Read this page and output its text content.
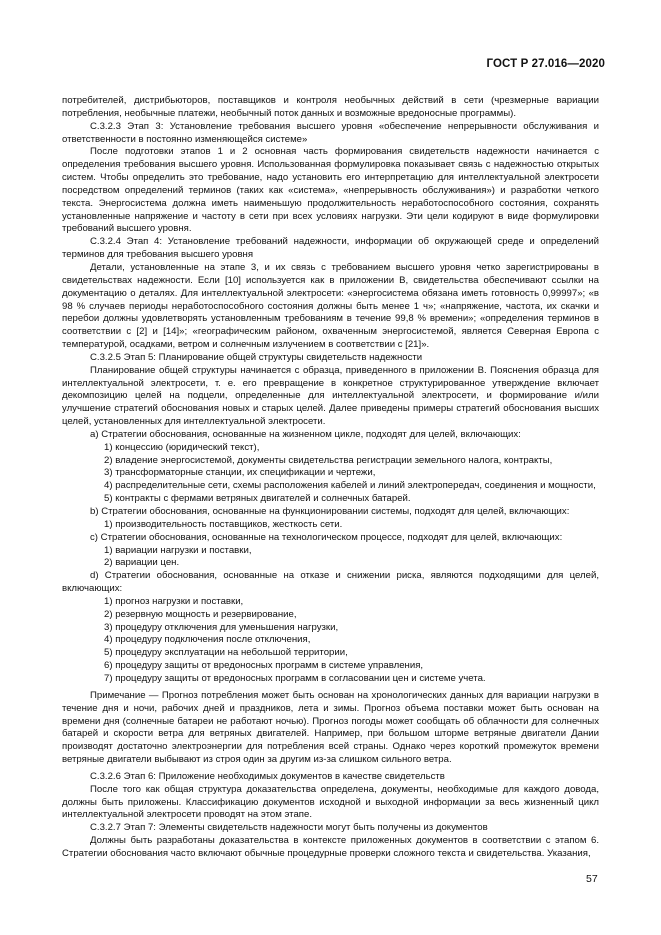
ГОСТ Р 27.016—2020

потребителей, дистрибьюторов, поставщиков и контроля необычных действий в сети (чрезмерные вариации потребления, необычные платежи, необычный поток данных и возможные вредоносные программы).

С.3.2.3 Этап 3: Установление требования высшего уровня «обеспечение непрерывности обслуживания и ответственности в постоянно изменяющейся системе»

После подготовки этапов 1 и 2 основная часть формирования свидетельств надежности начинается с определения требования высшего уровня. Использованная формулировка показывает связь с надежностью открытых систем. Чтобы определить это требование, надо установить его интерпретацию для интеллектуальной электросети посредством определений терминов (таких как «система», «непрерывность обслуживания») и разработки четкого текста. Энергосистема должна иметь наименьшую продолжительность неработоспособного состояния, сохранять установленные напряжение и частоту в сети при всех условиях нагрузки. Эти цели кодируют в виде формулировки требований высшего уровня.

С.3.2.4 Этап 4: Установление требований надежности, информации об окружающей среде и определений терминов для требования высшего уровня

Детали, установленные на этапе 3, и их связь с требованием высшего уровня четко зарегистрированы в свидетельствах надежности. Если [10] используется как в приложении В, свидетельства обеспечивают ссылки на документацию о деталях. Для интеллектуальной электросети: «энергосистема обязана иметь готовность 0,99997»; «в 98 % случаев периоды неработоспособного состояния должны быть менее 1 ч»; «напряжение, частота, их скачки и перебои должны удовлетворять установленным требованиям в течение 99,8 % времени»; «определения терминов в соответствии с [2] и [14]»; «географическим районом, охваченным энергосистемой, является Северная Европа с температурой, осадками, ветром и солнечным излучением в соответствии с [21]».

С.3.2.5 Этап 5: Планирование общей структуры свидетельств надежности

Планирование общей структуры начинается с образца, приведенного в приложении В. Пояснения образца для интеллектуальной электросети, т. е. его превращение в конкретное структурированное утверждение включает декомпозицию целей на подцели, определенные для интеллектуальной электросети, и формирование и/или улучшение стратегий обоснования новых и старых целей. Далее приведены примеры стратегий обоснования высших целей, установленных для интеллектуальной электросети.

a) Стратегии обоснования, основанные на жизненном цикле, подходят для целей, включающих:

1) концессию (юридический текст),

2) владение энергосистемой, документы свидетельства регистрации земельного налога, контракты,

3) трансформаторные станции, их спецификации и чертежи,

4) распределительные сети, схемы расположения кабелей и линий электропередач, соединения и мощности,

5) контракты с фермами ветряных двигателей и солнечных батарей.

b) Стратегии обоснования, основанные на функционировании системы, подходят для целей, включающих:

1) производительность поставщиков, жесткость сети.

c) Стратегии обоснования, основанные на технологическом процессе, подходят для целей, включающих:

1) вариации нагрузки и поставки,

2) вариации цен.

d) Стратегии обоснования, основанные на отказе и снижении риска, являются подходящими для целей, включающих:

1) прогноз нагрузки и поставки,

2) резервную мощность и резервирование,

3) процедуру отключения для уменьшения нагрузки,

4) процедуру подключения после отключения,

5) процедуру эксплуатации на небольшой территории,

6) процедуру защиты от вредоносных программ в системе управления,

7) процедуру защиты от вредоносных программ в согласовании цен и системе учета.

Примечание — Прогноз потребления может быть основан на хронологических данных для вариации нагрузки в течение дня и ночи, рабочих дней и праздников, лета и зимы. Прогноз объема поставки может быть основан на времени дня (солнечные батареи не работают ночью). Прогноз погоды может сообщать об облачности для солнечных батарей и скорости ветра для ветряных двигателей. Например, при большом шторме ветряные двигатели Дании производят достаточно электроэнергии для потребления всей страны. Однако через короткий промежуток времени ветряные двигатели выбывают из строя один за другим из-за слишком сильного ветра.

С.3.2.6 Этап 6: Приложение необходимых документов в качестве свидетельств

После того как общая структура доказательства определена, документы, необходимые для каждого довода, должны быть приложены. Классификацию документов исходной и выходной информации за весь жизненный цикл интеллектуальной электросети проводят на этом этапе.

С.3.2.7 Этап 7: Элементы свидетельств надежности могут быть получены из документов

Должны быть разработаны доказательства в контексте приложенных документов в соответствии с этапом 6. Стратегии обоснования часто включают обычные процедурные проверки сложного текста и свидетельства. Указания,

57
